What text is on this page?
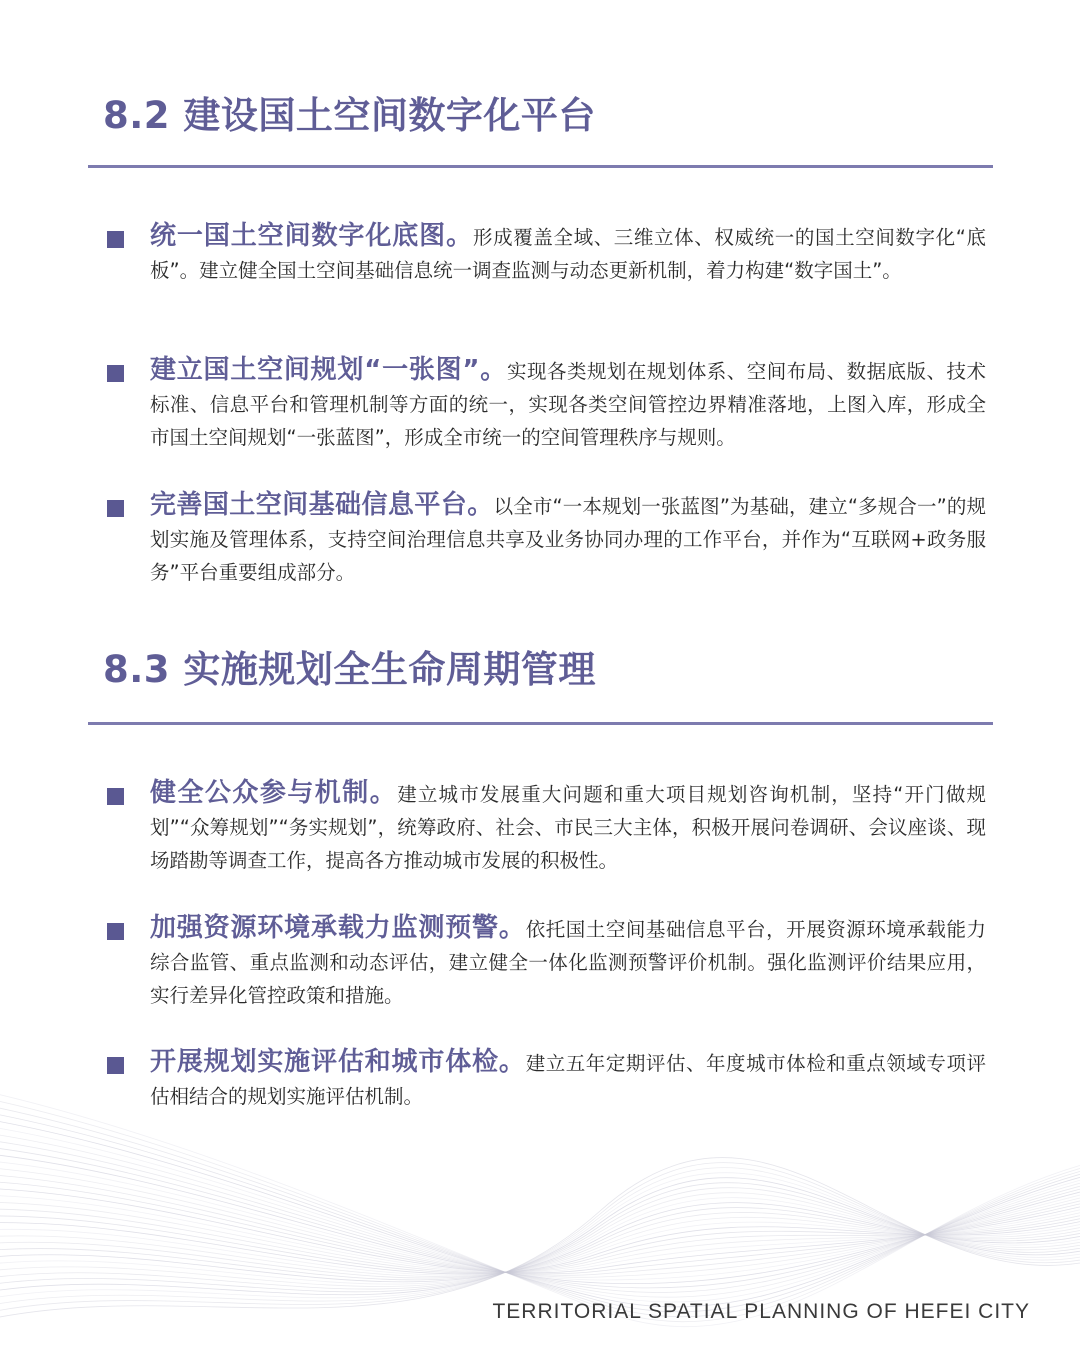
8.2 建设国土空间数字化平台

统一国土空间数字化底图。形成覆盖全域、三维立体、权威统一的国土空间数字化“底板”。建立健全国土空间基础信息统一调查监测与动态更新机制，着力构建“数字国土”。

建立国土空间规划“一张图”。实现各类规划在规划体系、空间布局、数据底版、技术标准、信息平台和管理机制等方面的统一，实现各类空间管控边界精准落地，上图入库，形成全市国土空间规划“一张蓝图”，形成全市统一的空间管理秩序与规则。

完善国土空间基础信息平台。以全市“一本规划一张蓝图”为基础，建立“多规合一”的规划实施及管理体系，支持空间治理信息共享及业务协同办理的工作平台，并作为“互联网+政务服务”平台重要组成部分。

8.3 实施规划全生命周期管理

健全公众参与机制。建立城市发展重大问题和重大项目规划咨询机制，坚持“开门做规划”“众筹规划”“务实规划”，统筹政府、社会、市民三大主体，积极开展问卷调研、会议座谈、现场踏勘等调查工作，提高各方推动城市发展的积极性。

加强资源环境承载力监测预警。依托国土空间基础信息平台，开展资源环境承载能力综合监管、重点监测和动态评估，建立健全一体化监测预警评价机制。强化监测评价结果应用，实行差异化管控政策和措施。

开展规划实施评估和城市体检。建立五年定期评估、年度城市体检和重点领域专项评估相结合的规划实施评估机制。

TERRITORIAL SPATIAL PLANNING OF HEFEI CITY
